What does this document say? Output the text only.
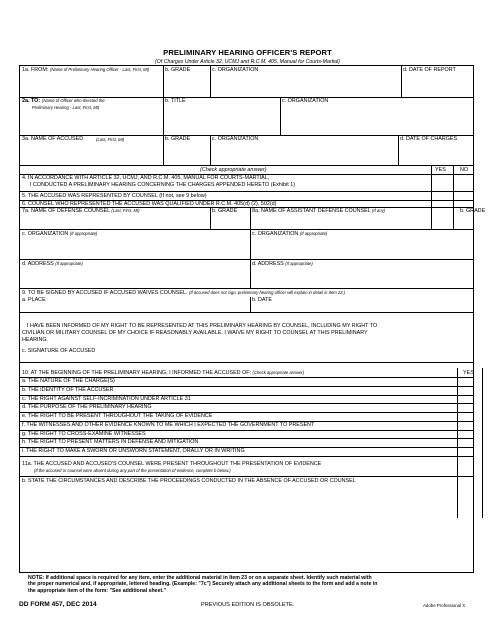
PRELIMINARY HEARING OFFICER'S REPORT
(Of Charges Under Article 32, UCMJ and R.C.M. 405, Manual for Courts-Martial)
1a. FROM: (Name of Preliminary Hearing Officer - Last, First, MI)	b. GRADE	c. ORGANIZATION	d. DATE OF REPORT
2a. TO: (Name of Officer who directed the
Preliminary Hearing - Last, First, MI)
b. TITLE	c. ORGANIZATION
3a. NAME OF ACCUSED	(Last, First, MI)	b. GRADE	c. ORGANIZATION	d. DATE OF CHARGES
(Check appropriate answer)	YES	NO
4. IN ACCORDANCE WITH ARTICLE 32, UCMJ, AND R.C.M. 405, MANUAL FOR COURTS-MARTIAL,
I CONDUCTED A PRELIMINARY HEARING CONCERNING THE CHARGES APPENDED HERETO (Exhibit 1)
5. THE ACCUSED WAS REPRESENTED BY COUNSEL (If not, see 9 below)
6. COUNSEL WHO REPRESENTED THE ACCUSED WAS QUALIFIED UNDER R.C.M. 405(d) (2), 502(d)
7a. NAME OF DEFENSE COUNSEL (Last, First, MI)	b. GRADE	8a. NAME OF ASSISTANT DEFENSE COUNSEL (If any)	b. GRADE
c. ORGANIZATION (If appropriate)	c. ORGANIZATION (If appropriate)
d. ADDRESS (If appropriate)	d. ADDRESS (If appropriate)
9. TO BE SIGNED BY ACCUSED IF ACCUSED WAIVES COUNSEL. (If accused does not sign, preliminary hearing officer will explain in detail in Item 23.)
a. PLACE	b. DATE
I HAVE BEEN INFORMED OF MY RIGHT TO BE REPRESENTED AT THIS PRELIMINARY HEARING BY COUNSEL, INCLUDING MY RIGHT TO
CIVILIAN OR MILITARY COUNSEL OF MY CHOICE IF REASONABLY AVAILABLE. I WAIVE MY RIGHT TO COUNSEL AT THIS PRELIMINARY
HEARING.
c. SIGNATURE OF ACCUSED
10. AT THE BEGINNING OF THE PRELIMINARY HEARING, I INFORMED THE ACCUSED OF: (Check appropriate answer)	YES
a. THE NATURE OF THE CHARGE(S)
b. THE IDENTITY OF THE ACCUSER
c. THE RIGHT AGAINST SELF-INCRIMINATION UNDER ARTICLE 31
d. THE PURPOSE OF THE PRELIMINARY HEARING
e. THE RIGHT TO BE PRESENT THROUGHOUT THE TAKING OF EVIDENCE
f. THE WITNESSES AND OTHER EVIDENCE KNOWN TO ME WHICH I EXPECTED THE GOVERNMENT TO PRESENT
g. THE RIGHT TO CROSS-EXAMINE WITNESSES
h. THE RIGHT TO PRESENT MATTERS IN DEFENSE AND MITIGATION
i. THE RIGHT TO MAKE A SWORN OR UNSWORN STATEMENT, ORALLY OR IN WRITING
11a. THE ACCUSED AND ACCUSED'S COUNSEL WERE PRESENT THROUGHOUT THE PRESENTATION OF EVIDENCE
(If the accused or counsel were absent during any part of the presentation of evidence, complete b below.)
b. STATE THE CIRCUMSTANCES AND DESCRIBE THE PROCEEDINGS CONDUCTED IN THE ABSENCE OF ACCUSED OR COUNSEL
NOTE: If additional space is required for any item, enter the additional material in Item 23 or on a separate sheet. Identify such material with
the proper numerical and, if appropriate, lettered heading. (Example: "7c") Securely attach any additional sheets to the form and add a note in
the appropriate item of the form: "See additional sheet."
DD FORM 457, DEC 2014	PREVIOUS EDITION IS OBSOLETE.	Adobe Professional X
